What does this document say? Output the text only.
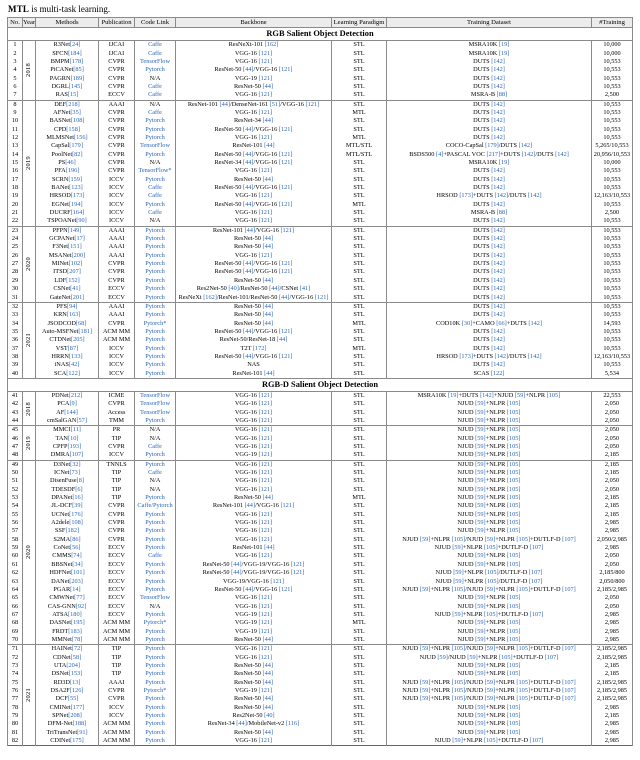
MTL is multi-task learning.
No.	Year	Methods	Publication	Code Link	Backbone	Learning Paradigm	Training Dataset	#Training
RGB Salient Object Detection								
1	2018	R3Net[24]	IJCAI	Caffe	ResNeXt-101 [162]	STL	MSRA10K [19]	10,000
2		SFCN[184]	IJCAI	Caffe	VGG-16 [121]	STL	MSRA10K [19]	10,000
3		BMPM[178]	CVPR	TensorFlow	VGG-16 [121]	STL	DUTS [142]	10,553
4		PiCANet[85]	CVPR	Pytorch	ResNet-50 [44]/VGG-16 [121]	STL	DUTS [142]	10,553
5		PAGRN[189]	CVPR	N/A	VGG-19 [121]	STL	DUTS [142]	10,553
6		DGRL[145]	CVPR	Caffe	ResNet-50 [44]	STL	DUTS [142]	10,553
7		RAS[15]	ECCV	Caffe	VGG-16 [121]	STL	MSRA-B [88]	2,500
8	2019	DEF[218]	AAAI	N/A	ResNet-101 [44]/DenseNet-161 [51]/VGG-16 [121]	STL	DUTS [142]	10,553
9		AFNet[35]	CVPR	Caffe	VGG-16 [121]	MTL	DUTS [142]	10,553
10		BASNet[108]	CVPR	Pytorch	ResNet-34 [44]	STL	DUTS [142]	10,553
11		CPD[158]	CVPR	Pytorch	ResNet-50 [44]/VGG-16 [121]	STL	DUTS [142]	10,553
12		MLMSNet[156]	CVPR	Pytorch	VGG-16 [121]	MTL	DUTS [142]	10,553
13		CapSal[179]	CVPR	TensorFlow	ResNet-101 [44]	MTL/STL	COCO-CapSal [179]/DUTS [142]	5,265/10,553
14		PoolNet[82]	CVPR	Pytorch	ResNet-50 [44]/VGG-16 [121]	MTL/STL	BSDS500 [4]+PASCAL VOC [217]+DUTS [142]/DUTS [142]	20,956/10,553
15		PS[46]	CVPR	N/A	ResNet-34 [44]/VGG-16 [121]	STL	MSRA10K [19]	10,000
16		PFA[196]	CVPR	TensorFlow*	VGG-16 [121]	STL	DUTS [142]	10,553
17		SCRN[159]	ICCV	Pytorch	ResNet-50 [44]	STL	DUTS [142]	10,553
18		BANet[123]	ICCV	Caffe	ResNet-50 [44]/VGG-16 [121]	STL	DUTS [142]	10,553
19		HRSOD[173]	ICCV	Caffe	VGG-16 [121]	STL	HRSOD [173]+DUTS [142]/DUTS [142]	12,163/10,553
20		EGNet[194]	ICCV	Pytorch	ResNet-50 [44]/VGG-16 [121]	MTL	DUTS [142]	10,553
21		DUCRF[164]	ICCV	Caffe	VGG-16 [121]	STL	MSRA-B [88]	2,500
22		TSPOANet[90]	ICCV	N/A	VGG-16 [121]	STL	DUTS [142]	10,553
23	2020	PFPN[149]	AAAI	Pytorch	ResNet-101 [44]/VGG-16 [121]	STL	DUTS [142]	10,553
24		GCPANet[17]	AAAI	Pytorch	ResNet-50 [44]	STL	DUTS [142]	10,553
25		F3Net[151]	AAAI	Pytorch	ResNet-50 [44]	STL	DUTS [142]	10,553
26		MSANet[200]	AAAI	Pytorch	VGG-16 [121]	STL	DUTS [142]	10,553
27		MINet[102]	CVPR	Pytorch	ResNet-50 [44]/VGG-16 [121]	STL	DUTS [142]	10,553
28		ITSD[207]	CVPR	Pytorch	ResNet-50 [44]/VGG-16 [121]	STL	DUTS [142]	10,553
29		LDF[152]	CVPR	Pytorch	ResNet-50 [44]	STL	DUTS [142]	10,553
30		CSNet[41]	ECCV	Pytorch	Res2Net-50 [40]/ResNet-50 [44]/CSNet [41]	STL	DUTS [142]	10,553
31		GateNet[201]	ECCV	Pytorch	ResNeXt [162]/ResNet-101/ResNet-50 [44]/VGG-16 [121]	STL	DUTS [142]	10,553
32	2021	PFS[94]	AAAI	Pytorch	ResNet-50 [44]	STL	DUTS [142]	10,553
33		KRN[163]	AAAI	Pytorch	ResNet-50 [44]	STL	DUTS [142]	10,553
34		JSODCOD[68]	CVPR	Pytorch*	ResNet-50 [44]	MTL	COD10K [30]+CAMO [66]+DUTS [142]	14,593
35		Auto-MSFNet[181]	ACM MM	Pytorch	ResNet-50 [44]/VGG-16 [121]	STL	DUTS [142]	10,553
36		CTDNet[205]	ACM MM	Pytorch	ResNet-50/ResNet-18 [44]	STL	DUTS [142]	10,553
37		VST[87]	ICCV	Pytorch	T2T [172]	MTL	DUTS [142]	10,553
38		HRRN[133]	ICCV	Pytorch	ResNet-50 [44]/VGG-16 [121]	STL	HRSOD [173]+DUTS [142]/DUTS [142]	12,163/10,553
39		iNAS[42]	ICCV	Pytorch	NAS	STL	DUTS [142]	10,553
40		SCA[122]	ICCV	Pytorch	ResNet-101 [44]	STL	SCAS [122]	5,534
RGB-D Salient Object Detection								
41	2018	PDNet[212]	ICME	TensorFlow	VGG-16 [121]	STL	MSRA10K [19]+DUTS [142]+NJUD [59]+NLPR [105]	22,553
42		PCA[9]	CVPR	TensorFlow	VGG-16 [121]	STL	NJUD [59]+NLPR [105]	2,050
43		AF[144]	Access	TensorFlow	VGG-16 [121]	STL	NJUD [59]+NLPR [105]	2,050
44		cmSalGAN[57]	TMM	Pytorch	VGG-16 [121]	STL	NJUD [59]+NLPR [105]	2,050
45	2019	MMCI[11]	PR	N/A	VGG-16 [121]	STL	NJUD [59]+NLPR [105]	2,050
46		TAN[10]	TIP	N/A	VGG-16 [121]	STL	NJUD [59]+NLPR [105]	2,050
47		CPFP[193]	CVPR	Caffe	VGG-16 [121]	STL	NJUD [59]+NLPR [105]	2,050
48		DMRA[107]	ICCV	Pytorch	VGG-19 [121]	STL	NJUD [59]+NLPR [105]	2,185
49	2020	D3Net[32]	TNNLS	Pytorch	VGG-16 [121]	STL	NJUD [59]+NLPR [105]	2,185
50		ICNet[73]	TIP	Caffe	VGG-16 [121]	STL	NJUD [59]+NLPR [105]	2,185
51		DisenFuse[8]	TIP	N/A	VGG-16 [121]	STL	NJUD [59]+NLPR [105]	2,050
52		TDESDF[6]	TIP	N/A	VGG-16 [121]	STL	NJUD [59]+NLPR [105]	2,050
53		DPANet[16]	TIP	Pytorch	ResNet-50 [44]	MTL	NJUD [59]+NLPR [105]	2,185
54		JL-DCF[39]	CVPR	Caffe/Pytorch	ResNet-101 [44]/VGG-16 [121]	STL	NJUD [59]+NLPR [105]	2,185
55		UCNet[176]	CVPR	Pytorch	VGG-16 [121]	STL	NJUD [59]+NLPR [105]	2,185
56		A2dele[108]	CVPR	Pytorch	VGG-16 [121]	STL	NJUD [59]+NLPR [105]	2,985
57		SSF[182]	CVPR	Pytorch	VGG-16 [121]	STL	NJUD [59]+NLPR [105]	2,985
58		S2MA[86]	CVPR	Pytorch	VGG-16 [121]	STL	NJUD [59]+NLPR [105]/NJUD [59]+NLPR [105]+DUTLF-D [107]	2,050/2,985
59		CoNet[56]	ECCV	Pytorch	ResNet-101 [44]	STL	NJUD [59]+NLPR [105]+DUTLF-D [107]	2,985
60		CMMS[74]	ECCV	Caffe	VGG-16 [121]	STL	NJUD [59]+NLPR [105]	2,050
61		BBSNet[34]	ECCV	Pytorch	ResNet-50 [44]/VGG-19/VGG-16 [121]	STL	NJUD [59]+NLPR [105]	2,050
62		HDFNet[101]	ECCV	Pytorch	ResNet-50 [44]/VGG-19/VGG-16 [121]	STL	NJUD [59]+NLPR [105]/DUTLF-D [107]	2,185/800
63		DANet[203]	ECCV	Pytorch	VGG-19/VGG-16 [121]	STL	NJUD [59]+NLPR [105]/DUTLF-D [107]	2,050/800
64		PGAR[14]	ECCV	Pytorch	ResNet-50 [44]/VGG-16 [121]	STL	NJUD [59]+NLPR [105]/NJUD [59]+NLPR [105]+DUTLF-D [107]	2,185/2,985
65		CMWNet[77]	ECCV	TensorFlow	VGG-16 [121]	STL	NJUD [59]+NLPR [105]	2,050
66		CAS-GNN[92]	ECCV	N/A	VGG-16 [121]	STL	NJUD [59]+NLPR [105]	2,050
67		ATSA[180]	ECCV	Pytorch	VGG-19 [121]	STL	NJUD [59]+NLPR [105]+DUTLF-D [107]	2,985
68		DASNet[195]	ACM MM	Pytorch*	VGG-19 [121]	MTL	NJUD [59]+NLPR [105]	2,985
69		FRDT[183]	ACM MM	Pytorch	VGG-19 [121]	STL	NJUD [59]+NLPR [105]	2,985
70		MMNet[78]	ACM MM	Pytorch	ResNet-50 [44]	STL	NJUD [59]+NLPR [105]	2,985
71	2021	HAINet[72]	TIP	Pytorch	VGG-16 [121]	STL	NJUD [59]+NLPR [105]/NJUD [59]+NLPR [105]+DUTLF-D [107]	2,185/2,985
72		CDNet[58]	TIP	Pytorch	VGG-16 [121]	STL	NJUD [59]/NJUD [59]+NLPR [105]+DUTLF-D [107]	2,185/2,985
73		UTA[204]	TIP	Pytorch	ResNet-50 [44]	STL	NJUD [59]+NLPR [105]	2,185
74		DSNet[153]	TIP	Pytorch	ResNet-50 [44]	STL	NJUD [59]+NLPR [105]	2,185
75		RD3D[13]	AAAI	Pytorch	ResNet-50 [44]	STL	NJUD [59]+NLPR [105]/NJUD [59]+NLPR [105]+DUTLF-D [107]	2,185/2,985
76		DSA2F[126]	CVPR	Pytorch*	VGG-19 [121]	STL	NJUD [59]+NLPR [105]/NJUD [59]+NLPR [105]+DUTLF-D [107]	2,185/2,985
77		DCF[55]	CVPR	Pytorch	ResNet-50 [44]	STL	NJUD [59]+NLPR [105]/NJUD [59]+NLPR [105]+DUTLF-D [107]	2,185/2,985
78		CMINet[177]	ICCV	Pytorch	ResNet-50 [44]	STL	NJUD [59]+NLPR [105]	2,985
79		SPNet[208]	ICCV	Pytorch	Res2Net-50 [40]	STL	NJUD [59]+NLPR [105]	2,185
80		DFM-Net[188]	ACM MM	Pytorch	ResNet-34 [44]/MobileNet-v2 [116]	STL	NJUD [59]+NLPR [105]	2,985
81		TriTransNet[91]	ACM MM	Pytorch	ResNet-50 [44]	STL	NJUD [59]+NLPR [105]	2,985
82		CDINet[175]	ACM MM	Pytorch	VGG-16 [121]	STL	NJUD [59]+NLPR [105]+DUTLF-D [107]	2,985
